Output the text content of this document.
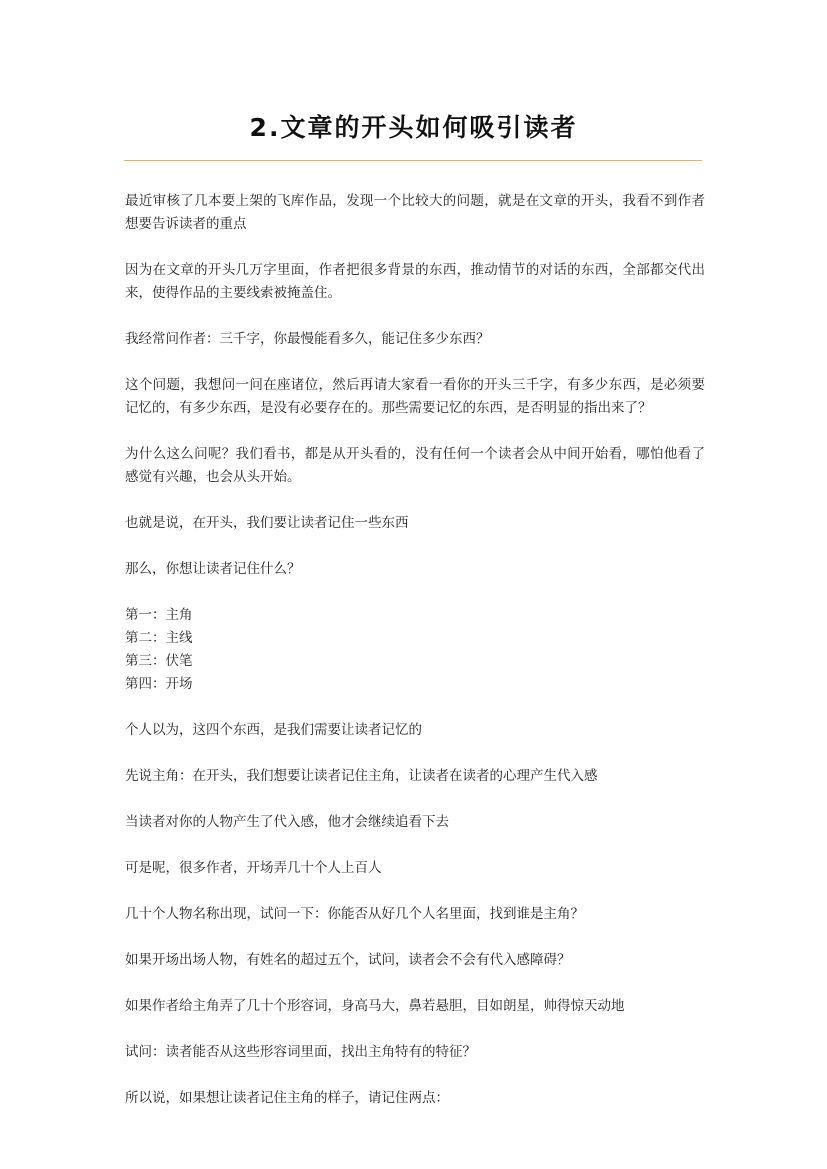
2.文章的开头如何吸引读者

最近审核了几本要上架的飞库作品，发现一个比较大的问题，就是在文章的开头，我看不到作者想要告诉读者的重点

因为在文章的开头几万字里面，作者把很多背景的东西，推动情节的对话的东西，全部都交代出来，使得作品的主要线索被掩盖住。

我经常问作者：三千字，你最慢能看多久，能记住多少东西？

这个问题，我想问一问在座诸位，然后再请大家看一看你的开头三千字，有多少东西，是必须要记忆的，有多少东西，是没有必要存在的。那些需要记忆的东西，是否明显的指出来了？

为什么这么问呢？我们看书，都是从开头看的，没有任何一个读者会从中间开始看，哪怕他看了感觉有兴趣，也会从头开始。

也就是说，在开头，我们要让读者记住一些东西

那么，你想让读者记住什么？

第一：主角
第二：主线
第三：伏笔
第四：开场

个人以为，这四个东西，是我们需要让读者记忆的

先说主角：在开头，我们想要让读者记住主角，让读者在读者的心理产生代入感

当读者对你的人物产生了代入感，他才会继续追看下去

可是呢，很多作者，开场弄几十个人上百人

几十个人物名称出现，试问一下：你能否从好几个人名里面，找到谁是主角？

如果开场出场人物，有姓名的超过五个，试问，读者会不会有代入感障碍？

如果作者给主角弄了几十个形容词，身高马大，鼻若悬胆，目如朗星，帅得惊天动地

试问：读者能否从这些形容词里面，找出主角特有的特征？

所以说，如果想让读者记住主角的样子，请记住两点：
